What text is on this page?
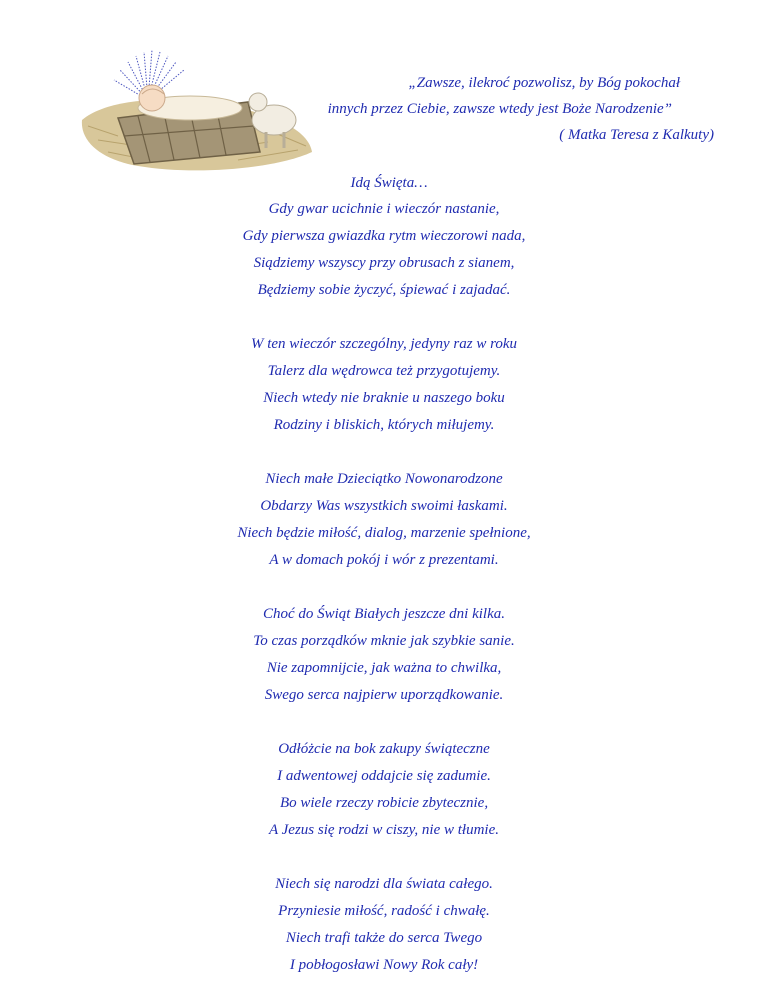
„Zawsze, ilekroć pozwolisz, by Bóg pokochał
innych przez Ciebie, zawsze wtedy jest Boże Narodzenie”
( Matka Teresa z Kalkuty)
Idą Święta…
Gdy gwar ucichnie i wieczór nastanie,
Gdy pierwsza gwiazdka rytm wieczorowi nada,
Siądziemy wszyscy przy obrusach z sianem,
Będziemy sobie życzyć, śpiewać i zajadać.
W ten wieczór szczególny, jedyny raz w roku
Talerz dla wędrowca też przygotujemy.
Niech wtedy nie braknie u naszego boku
Rodziny i bliskich, których miłujemy.
Niech małe Dzieciątko Nowonarodzone
Obdarzy Was wszystkich swoimi łaskami.
Niech będzie miłość, dialog, marzenie spełnione,
A w domach pokój i wór z prezentami.
Choć do Świąt Białych jeszcze dni kilka.
To czas porządków mknie jak szybkie sanie.
Nie zapomnijcie, jak ważna to chwilka,
Swego serca najpierw uporządkowanie.
Odłóżcie na bok zakupy świąteczne
I adwentowej oddajcie się zadumie.
Bo wiele rzeczy robicie zbytecznie,
A Jezus się rodzi w ciszy, nie w tłumie.
Niech się narodzi dla świata całego.
Przyniesie miłość, radość i chwałę.
Niech trafi także do serca Twego
I pobłogosławi Nowy Rok cały!
